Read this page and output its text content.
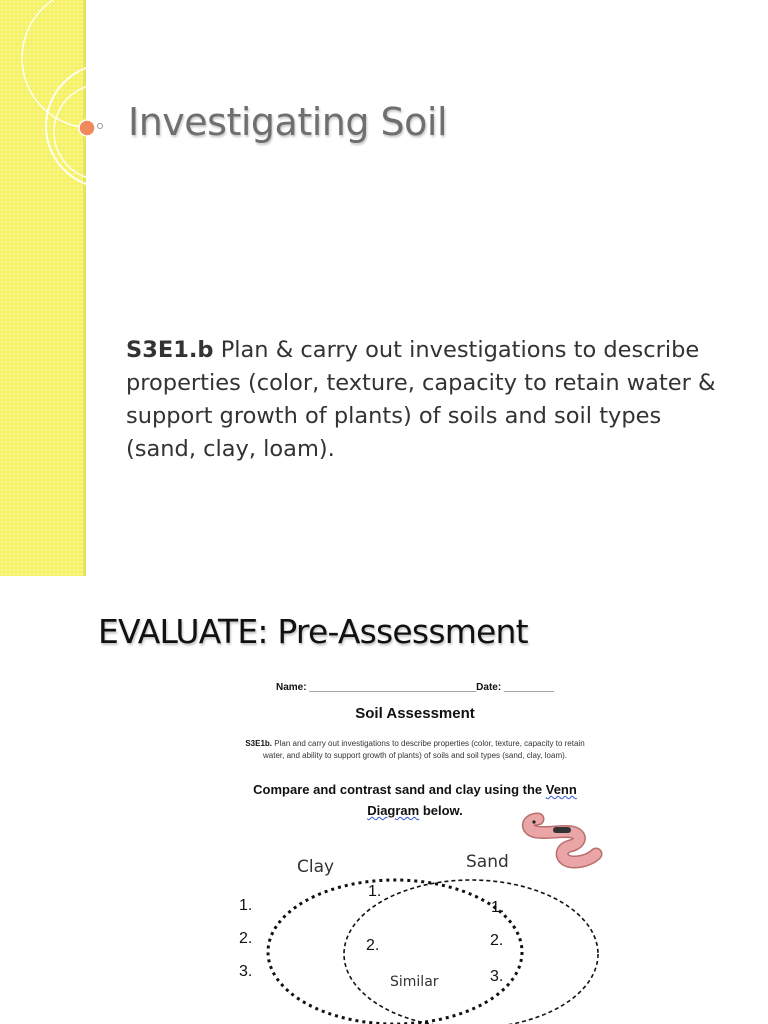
Investigating Soil

S3E1.b Plan & carry out investigations to describe properties (color, texture, capacity to retain water & support growth of plants) of soils and soil types (sand, clay, loam).

EVALUATE: Pre-Assessment

Name: ______________________________Date: _________

Soil Assessment

S3E1b. Plan and carry out investigations to describe properties (color, texture, capacity to retain water, and ability to support growth of plants) of soils and soil types (sand, clay, loam).

Compare and contrast sand and clay using the Venn Diagram below.

Clay	Sand
Similar
1.
2.
3.
1.
2.
1.
2.
3.
